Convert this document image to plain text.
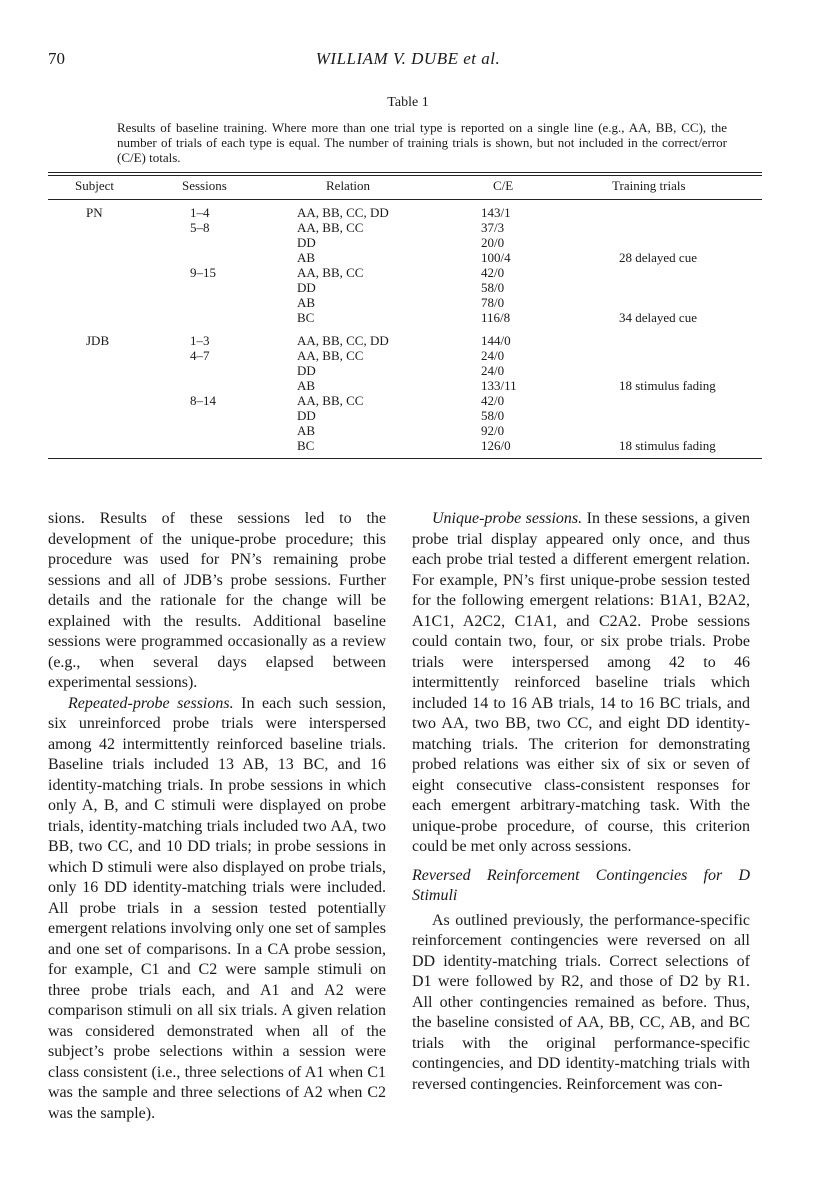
70	WILLIAM V. DUBE et al.
Table 1
Results of baseline training. Where more than one trial type is reported on a single line (e.g., AA, BB, CC), the number of trials of each type is equal. The number of training trials is shown, but not included in the correct/error (C/E) totals.
Subject	Sessions	Relation	C/E	Training trials
PN	1–4	AA, BB, CC, DD	143/1
5–8	AA, BB, CC	37/3
DD	20/0
AB	100/4	28 delayed cue
9–15	AA, BB, CC	42/0
DD	58/0
AB	78/0
BC	116/8	34 delayed cue
JDB	1–3	AA, BB, CC, DD	144/0
4–7	AA, BB, CC	24/0
DD	24/0
AB	133/11	18 stimulus fading
8–14	AA, BB, CC	42/0
DD	58/0
AB	92/0
BC	126/0	18 stimulus fading

sions. Results of these sessions led to the development of the unique-probe procedure; this procedure was used for PN’s remaining probe sessions and all of JDB’s probe sessions. Further details and the rationale for the change will be explained with the results. Additional baseline sessions were programmed occasionally as a review (e.g., when several days elapsed between experimental sessions).

Repeated-probe sessions. In each such session, six unreinforced probe trials were interspersed among 42 intermittently reinforced baseline trials. Baseline trials included 13 AB, 13 BC, and 16 identity-matching trials. In probe sessions in which only A, B, and C stimuli were displayed on probe trials, identity-matching trials included two AA, two BB, two CC, and 10 DD trials; in probe sessions in which D stimuli were also displayed on probe trials, only 16 DD identity-matching trials were included. All probe trials in a session tested potentially emergent relations involving only one set of samples and one set of comparisons. In a CA probe session, for example, C1 and C2 were sample stimuli on three probe trials each, and A1 and A2 were comparison stimuli on all six trials. A given relation was considered demonstrated when all of the subject’s probe selections within a session were class consistent (i.e., three selections of A1 when C1 was the sample and three selections of A2 when C2 was the sample).

Unique-probe sessions. In these sessions, a given probe trial display appeared only once, and thus each probe trial tested a different emergent relation. For example, PN’s first unique-probe session tested for the following emergent relations: B1A1, B2A2, A1C1, A2C2, C1A1, and C2A2. Probe sessions could contain two, four, or six probe trials. Probe trials were interspersed among 42 to 46 intermittently reinforced baseline trials which included 14 to 16 AB trials, 14 to 16 BC trials, and two AA, two BB, two CC, and eight DD identity-matching trials. The criterion for demonstrating probed relations was either six of six or seven of eight consecutive class-consistent responses for each emergent arbitrary-matching task. With the unique-probe procedure, of course, this criterion could be met only across sessions.

Reversed Reinforcement Contingencies for D Stimuli

As outlined previously, the performance-specific reinforcement contingencies were reversed on all DD identity-matching trials. Correct selections of D1 were followed by R2, and those of D2 by R1. All other contingencies remained as before. Thus, the baseline consisted of AA, BB, CC, AB, and BC trials with the original performance-specific contingencies, and DD identity-matching trials with reversed contingencies. Reinforcement was con-
